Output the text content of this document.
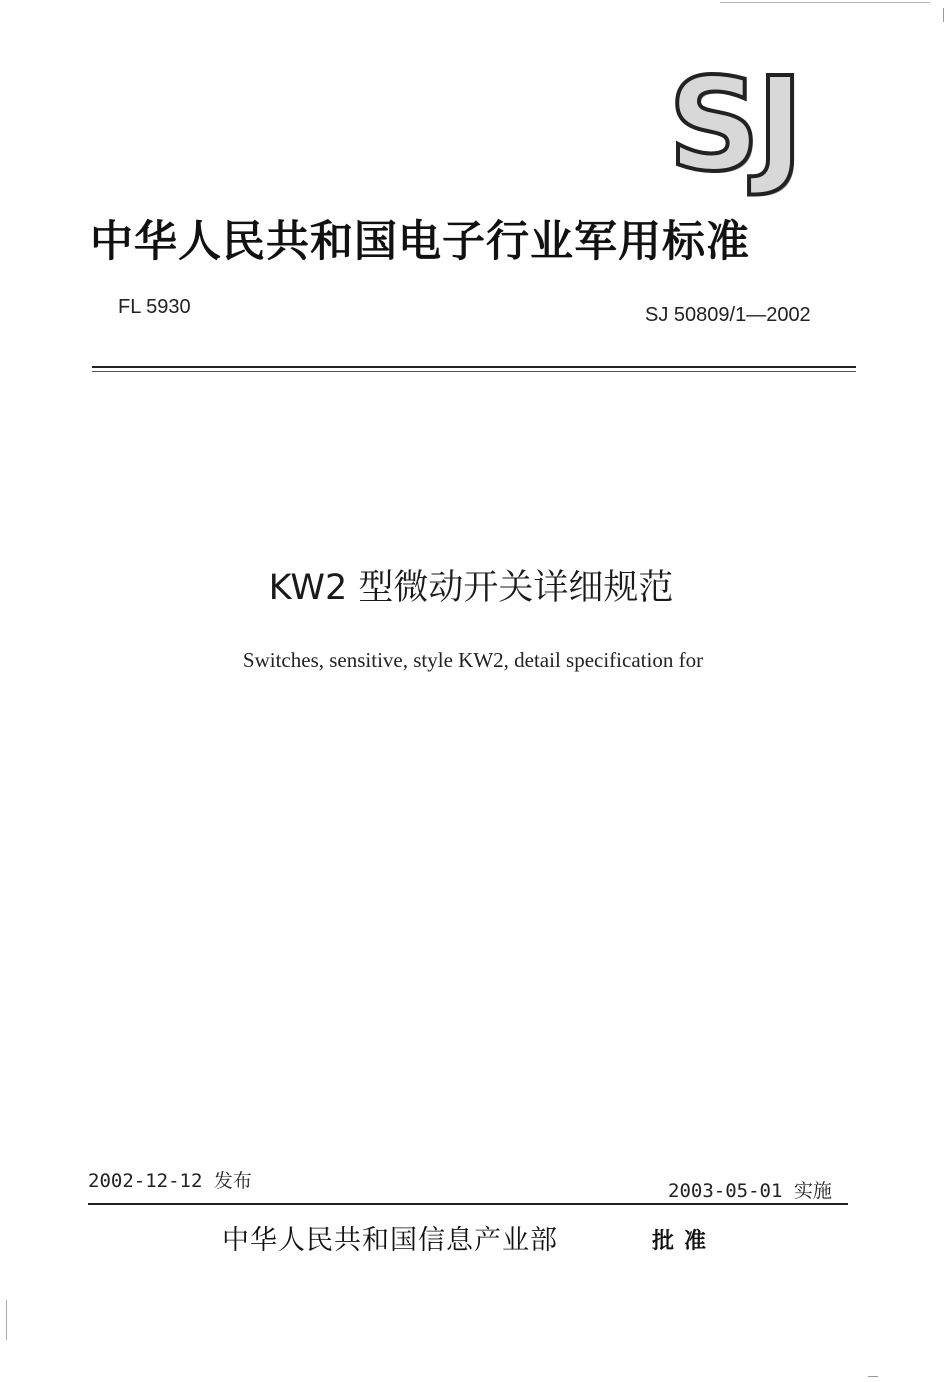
SJ
中华人民共和国电子行业军用标准
FL 5930	SJ 50809/1—2002
KW2 型微动开关详细规范
Switches, sensitive, style KW2, detail specification for
2002-12-12 发布	2003-05-01 实施
中华人民共和国信息产业部	批准
